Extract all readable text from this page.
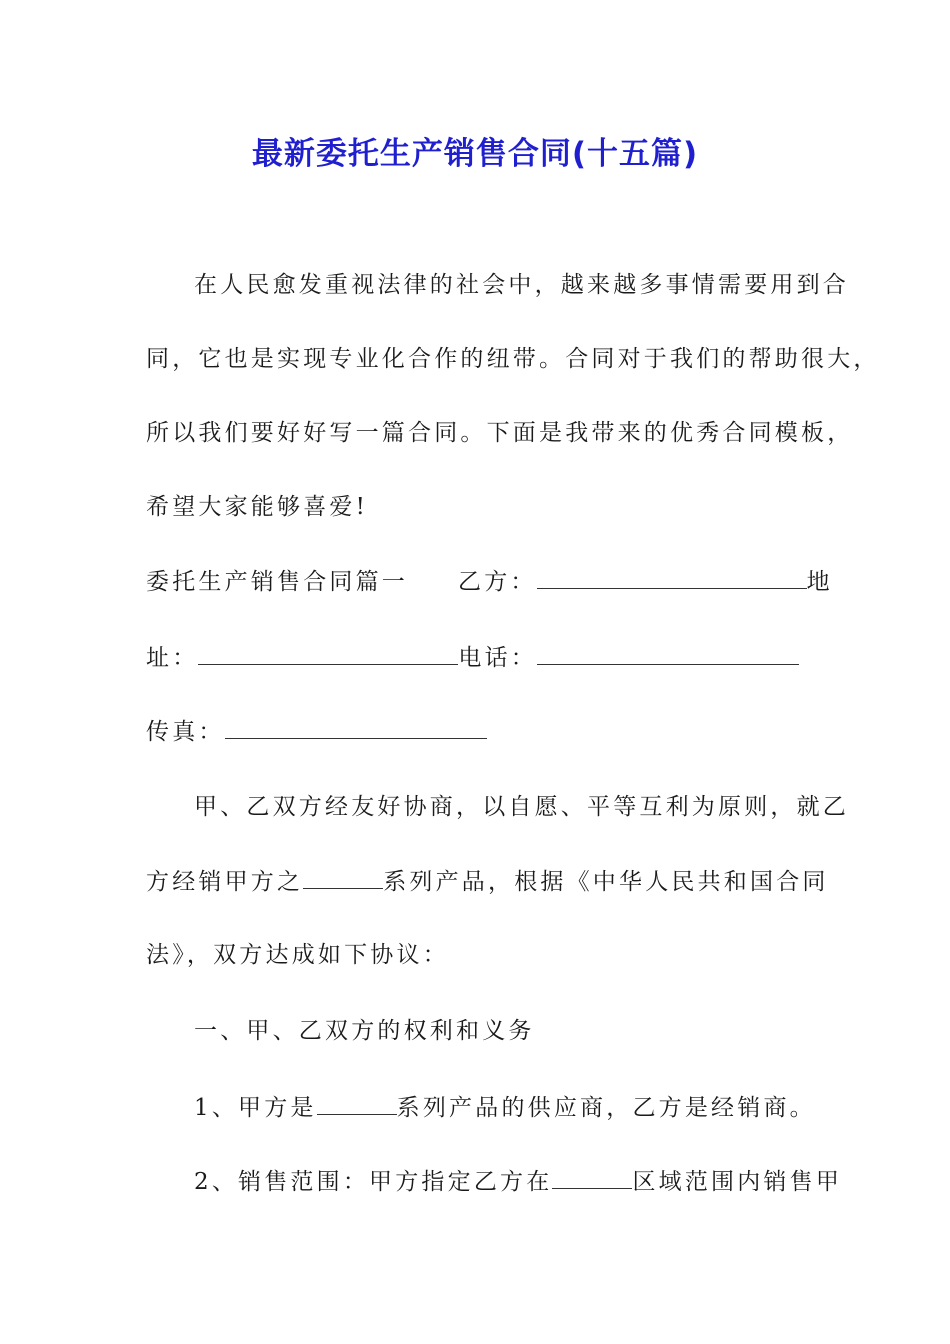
最新委托生产销售合同(十五篇)
在人民愈发重视法律的社会中，越来越多事情需要用到合
同，它也是实现专业化合作的纽带。合同对于我们的帮助很大，
所以我们要好好写一篇合同。下面是我带来的优秀合同模板，
希望大家能够喜爱!
委托生产销售合同篇一 乙方：	地
址：	电话：
传真：
甲、乙双方经友好协商，以自愿、平等互利为原则，就乙
方经销甲方之	系列产品，根据《中华人民共和国合同
法》，双方达成如下协议：
一、甲、乙双方的权利和义务
1、甲方是	系列产品的供应商，乙方是经销商。
2、销售范围：甲方指定乙方在	区域范围内销售甲
